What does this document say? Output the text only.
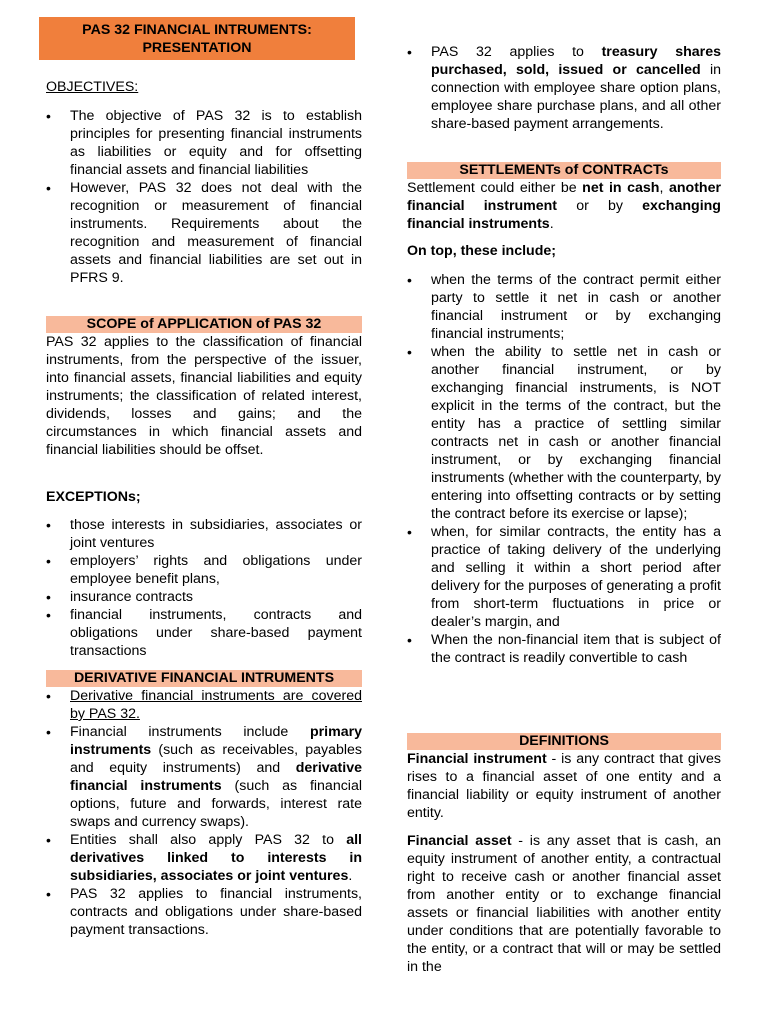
PAS 32 FINANCIAL INTRUMENTS:
PRESENTATION
OBJECTIVES:
• The objective of PAS 32 is to establish principles for presenting financial instruments as liabilities or equity and for offsetting financial assets and financial liabilities
• However, PAS 32 does not deal with the recognition or measurement of financial instruments. Requirements about the recognition and measurement of financial assets and financial liabilities are set out in PFRS 9.
SCOPE of APPLICATION of PAS 32
PAS 32 applies to the classification of financial instruments, from the perspective of the issuer, into financial assets, financial liabilities and equity instruments; the classification of related interest, dividends, losses and gains; and the circumstances in which financial assets and financial liabilities should be offset.
EXCEPTIONs;
• those interests in subsidiaries, associates or joint ventures
• employers’ rights and obligations under employee benefit plans,
• insurance contracts
• financial instruments, contracts and obligations under share-based payment transactions
DERIVATIVE FINANCIAL INTRUMENTS
• Derivative financial instruments are covered by PAS 32.
• Financial instruments include primary instruments (such as receivables, payables and equity instruments) and derivative financial instruments (such as financial options, future and forwards, interest rate swaps and currency swaps).
• Entities shall also apply PAS 32 to all derivatives linked to interests in subsidiaries, associates or joint ventures.
• PAS 32 applies to financial instruments, contracts and obligations under share-based payment transactions.
• PAS 32 applies to treasury shares purchased, sold, issued or cancelled in connection with employee share option plans, employee share purchase plans, and all other share-based payment arrangements.
SETTLEMENTs of CONTRACTs
Settlement could either be net in cash, another financial instrument or by exchanging financial instruments.
On top, these include;
• when the terms of the contract permit either party to settle it net in cash or another financial instrument or by exchanging financial instruments;
• when the ability to settle net in cash or another financial instrument, or by exchanging financial instruments, is NOT explicit in the terms of the contract, but the entity has a practice of settling similar contracts net in cash or another financial instrument, or by exchanging financial instruments (whether with the counterparty, by entering into offsetting contracts or by setting the contract before its exercise or lapse);
• when, for similar contracts, the entity has a practice of taking delivery of the underlying and selling it within a short period after delivery for the purposes of generating a profit from short-term fluctuations in price or dealer’s margin, and
• When the non-financial item that is subject of the contract is readily convertible to cash
DEFINITIONS
Financial instrument - is any contract that gives rises to a financial asset of one entity and a financial liability or equity instrument of another entity.
Financial asset - is any asset that is cash, an equity instrument of another entity, a contractual right to receive cash or another financial asset from another entity or to exchange financial assets or financial liabilities with another entity under conditions that are potentially favorable to the entity, or a contract that will or may be settled in the
